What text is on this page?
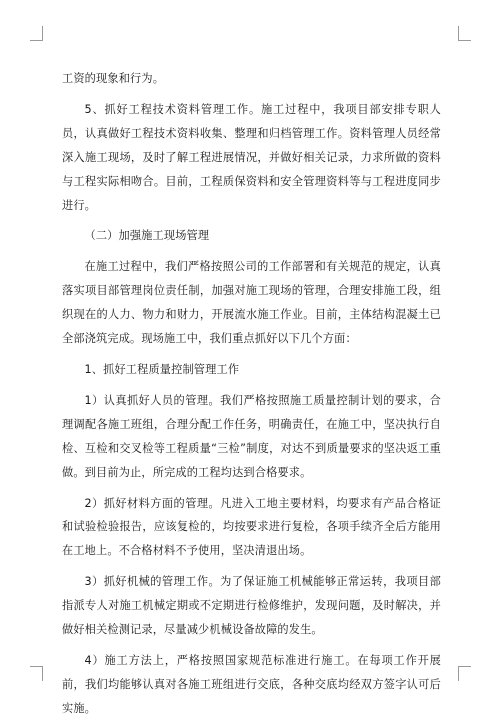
工资的现象和行为。

5、抓好工程技术资料管理工作。施工过程中，我项目部安排专职人员，认真做好工程技术资料收集、整理和归档管理工作。资料管理人员经常深入施工现场，及时了解工程进展情况，并做好相关记录，力求所做的资料与工程实际相吻合。目前，工程质保资料和安全管理资料等与工程进度同步进行。

（二）加强施工现场管理

在施工过程中，我们严格按照公司的工作部署和有关规范的规定，认真落实项目部管理岗位责任制，加强对施工现场的管理，合理安排施工段，组织现在的人力、物力和财力，开展流水施工作业。目前，主体结构混凝土已全部浇筑完成。现场施工中，我们重点抓好以下几个方面：

1、抓好工程质量控制管理工作

1）认真抓好人员的管理。我们严格按照施工质量控制计划的要求，合理调配各施工班组，合理分配工作任务，明确责任，在施工中，坚决执行自检、互检和交叉检等工程质量“三检”制度，对达不到质量要求的坚决返工重做。到目前为止，所完成的工程均达到合格要求。

2）抓好材料方面的管理。凡进入工地主要材料，均要求有产品合格证和试验检验报告，应该复检的，均按要求进行复检，各项手续齐全后方能用在工地上。不合格材料不予使用，坚决清退出场。

3）抓好机械的管理工作。为了保证施工机械能够正常运转，我项目部指派专人对施工机械定期或不定期进行检修维护，发现问题，及时解决，并做好相关检测记录，尽量减少机械设备故障的发生。

4）施工方法上，严格按照国家规范标准进行施工。在每项工作开展前，我们均能够认真对各施工班组进行交底，各种交底均经双方签字认可后实施。
